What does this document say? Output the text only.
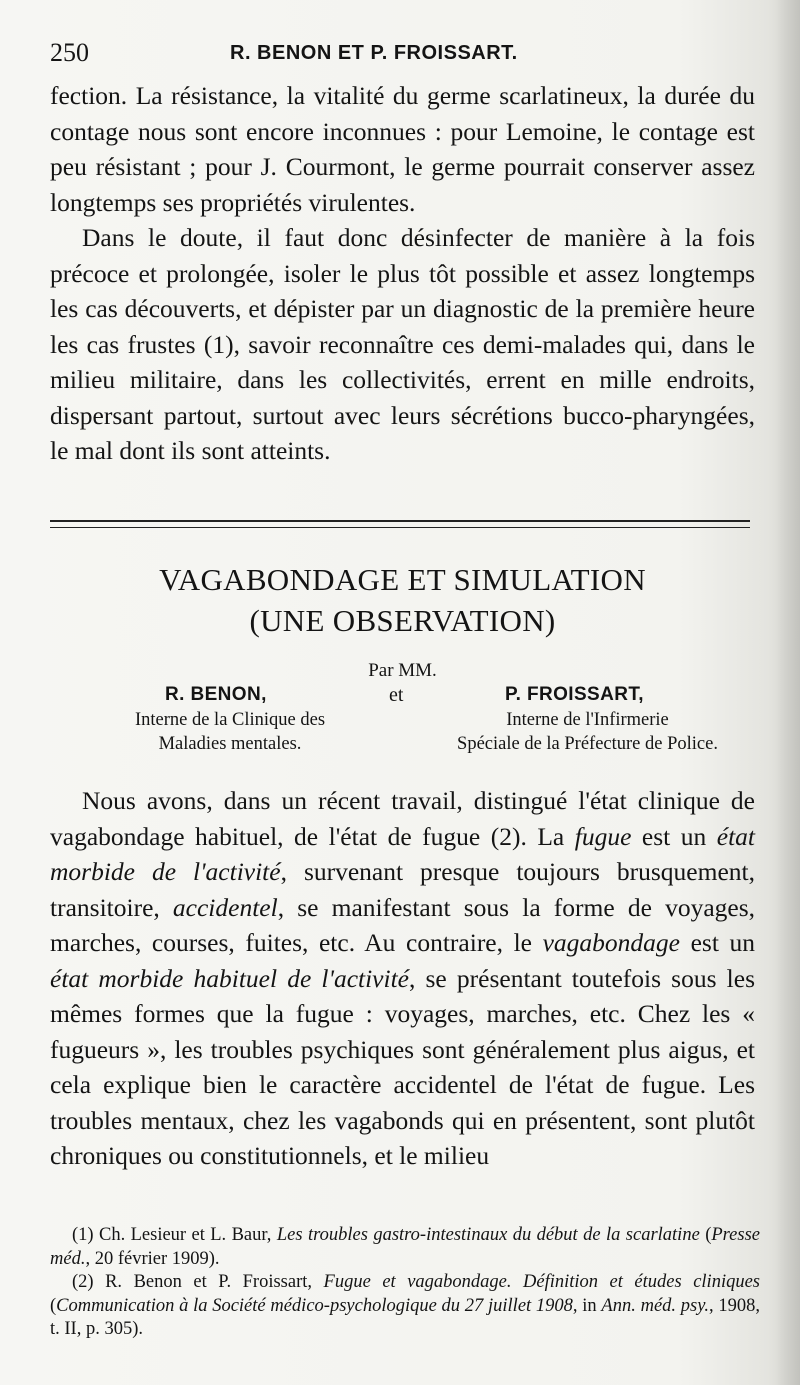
250	R. BENON ET P. FROISSART.

fection. La résistance, la vitalité du germe scarlatineux, la durée du contage nous sont encore inconnues : pour Lemoine, le contage est peu résistant ; pour J. Courmont, le germe pourrait conserver assez longtemps ses propriétés virulentes.

Dans le doute, il faut donc désinfecter de manière à la fois précoce et prolongée, isoler le plus tôt possible et assez longtemps les cas découverts, et dépister par un diagnostic de la première heure les cas frustes (1), savoir reconnaître ces demi-malades qui, dans le milieu militaire, dans les collectivités, errent en mille endroits, dispersant partout, surtout avec leurs sécrétions bucco-pharyngées, le mal dont ils sont atteints.

VAGABONDAGE ET SIMULATION
(UNE OBSERVATION)
Par MM.
R. BENON,	et	P. FROISSART,
Interne de la Clinique des
Maladies mentales.
Interne de l'Infirmerie
Spéciale de la Préfecture de Police.

Nous avons, dans un récent travail, distingué l'état clinique de vagabondage habituel, de l'état de fugue (2). La fugue est un état morbide de l'activité, survenant presque toujours brusquement, transitoire, accidentel, se manifestant sous la forme de voyages, marches, courses, fuites, etc. Au contraire, le vagabondage est un état morbide habituel de l'activité, se présentant toutefois sous les mêmes formes que la fugue : voyages, marches, etc. Chez les « fugueurs », les troubles psychiques sont généralement plus aigus, et cela explique bien le caractère accidentel de l'état de fugue. Les troubles mentaux, chez les vagabonds qui en présentent, sont plutôt chroniques ou constitutionnels, et le milieu

(1) Ch. Lesieur et L. Baur, Les troubles gastro-intestinaux du début de la scarlatine (Presse méd., 20 février 1909).

(2) R. Benon et P. Froissart, Fugue et vagabondage. Définition et études cliniques (Communication à la Société médico-psychologique du 27 juillet 1908, in Ann. méd. psy., 1908, t. II, p. 305).
